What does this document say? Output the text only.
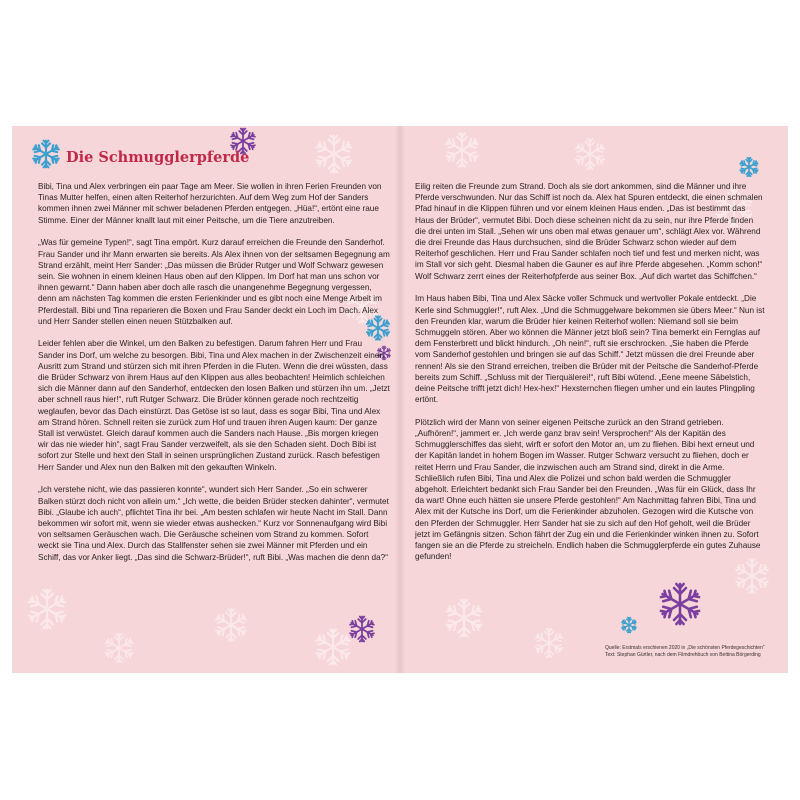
Die Schmugglerpferde

Bibi, Tina und Alex verbringen ein paar Tage am Meer. Sie wollen in ihren Ferien Freunden von Tinas Mutter helfen, einen alten Reiterhof herzurichten. Auf dem Weg zum Hof der Sanders kommen ihnen zwei Männer mit schwer beladenen Pferden entgegen. „Hüa!“, ertönt eine raue Stimme. Einer der Männer knallt laut mit einer Peitsche, um die Tiere anzutreiben.

„Was für gemeine Typen!“, sagt Tina empört. Kurz darauf erreichen die Freunde den Sanderhof. Frau Sander und ihr Mann erwarten sie bereits. Als Alex ihnen von der seltsamen Begegnung am Strand erzählt, meint Herr Sander: „Das müssen die Brüder Rutger und Wolf Schwarz gewesen sein. Sie wohnen in einem kleinen Haus oben auf den Klippen. Im Dorf hat man uns schon vor ihnen gewarnt.“ Dann haben aber doch alle rasch die unangenehme Begegnung vergessen, denn am nächsten Tag kommen die ersten Ferienkinder und es gibt noch eine Menge Arbeit im Pferdestall. Bibi und Tina reparieren die Boxen und Frau Sander deckt ein Loch im Dach. Alex und Herr Sander stellen einen neuen Stützbalken auf.

Leider fehlen aber die Winkel, um den Balken zu befestigen. Darum fahren Herr und Frau Sander ins Dorf, um welche zu besorgen. Bibi, Tina und Alex machen in der Zwischenzeit einen Ausritt zum Strand und stürzen sich mit ihren Pferden in die Fluten. Wenn die drei wüssten, dass die Brüder Schwarz von ihrem Haus auf den Klippen aus alles beobachten! Heimlich schleichen sich die Männer dann auf den Sanderhof, entdecken den losen Balken und stürzen ihn um. „Jetzt aber schnell raus hier!“, ruft Rutger Schwarz. Die Brüder können gerade noch rechtzeitig weglaufen, bevor das Dach einstürzt. Das Getöse ist so laut, dass es sogar Bibi, Tina und Alex am Strand hören. Schnell reiten sie zurück zum Hof und trauen ihren Augen kaum: Der ganze Stall ist verwüstet. Gleich darauf kommen auch die Sanders nach Hause. „Bis morgen kriegen wir das nie wieder hin“, sagt Frau Sander verzweifelt, als sie den Schaden sieht. Doch Bibi ist sofort zur Stelle und hext den Stall in seinen ursprünglichen Zustand zurück. Rasch befestigen Herr Sander und Alex nun den Balken mit den gekauften Winkeln.

„Ich verstehe nicht, wie das passieren konnte“, wundert sich Herr Sander. „So ein schwerer Balken stürzt doch nicht von allein um.“ „Ich wette, die beiden Brüder stecken dahinter“, vermutet Bibi. „Glaube ich auch“, pflichtet Tina ihr bei. „Am besten schlafen wir heute Nacht im Stall. Dann bekommen wir sofort mit, wenn sie wieder etwas aushecken.“ Kurz vor Sonnenaufgang wird Bibi von seltsamen Geräuschen wach. Die Geräusche scheinen vom Strand zu kommen. Sofort weckt sie Tina und Alex. Durch das Stallfenster sehen sie zwei Männer mit Pferden und ein Schiff, das vor Anker liegt. „Das sind die Schwarz-Brüder!“, ruft Bibi. „Was machen die denn da?“

Eilig reiten die Freunde zum Strand. Doch als sie dort ankommen, sind die Männer und ihre Pferde verschwunden. Nur das Schiff ist noch da. Alex hat Spuren entdeckt, die einen schmalen Pfad hinauf in die Klippen führen und vor einem kleinen Haus enden. „Das ist bestimmt das Haus der Brüder“, vermutet Bibi. Doch diese scheinen nicht da zu sein, nur ihre Pferde finden die drei unten im Stall. „Sehen wir uns oben mal etwas genauer um“, schlägt Alex vor. Während die drei Freunde das Haus durchsuchen, sind die Brüder Schwarz schon wieder auf dem Reiterhof geschlichen. Herr und Frau Sander schlafen noch tief und fest und merken nicht, was im Stall vor sich geht. Diesmal haben die Gauner es auf ihre Pferde abgesehen. „Komm schon!“ Wolf Schwarz zerrt eines der Reiterhofpferde aus seiner Box. „Auf dich wartet das Schiffchen.“

Im Haus haben Bibi, Tina und Alex Säcke voller Schmuck und wertvoller Pokale entdeckt. „Die Kerle sind Schmuggler!“, ruft Alex. „Und die Schmuggelware bekommen sie übers Meer.“ Nun ist den Freunden klar, warum die Brüder hier keinen Reiterhof wollen: Niemand soll sie beim Schmuggeln stören. Aber wo können die Männer jetzt bloß sein? Tina bemerkt ein Fernglas auf dem Fensterbrett und blickt hindurch. „Oh nein!“, ruft sie erschrocken. „Sie haben die Pferde vom Sanderhof gestohlen und bringen sie auf das Schiff.“ Jetzt müssen die drei Freunde aber rennen! Als sie den Strand erreichen, treiben die Brüder mit der Peitsche die Sanderhof-Pferde bereits zum Schiff. „Schluss mit der Tierquälerei!“, ruft Bibi wütend. „Eene meene Säbelstich, deine Peitsche trifft jetzt dich! Hex-hex!“ Hexsternchen fliegen umher und ein lautes Plingpling ertönt.

Plötzlich wird der Mann von seiner eigenen Peitsche zurück an den Strand getrieben. „Aufhören!“, jammert er. „Ich werde ganz brav sein! Versprochen!“ Als der Kapitän des Schmugglerschiffes das sieht, wirft er sofort den Motor an, um zu fliehen. Bibi hext erneut und der Kapitän landet in hohem Bogen im Wasser. Rutger Schwarz versucht zu fliehen, doch er reitet Herrn und Frau Sander, die inzwischen auch am Strand sind, direkt in die Arme. Schließlich rufen Bibi, Tina und Alex die Polizei und schon bald werden die Schmuggler abgeholt. Erleichtert bedankt sich Frau Sander bei den Freunden. „Was für ein Glück, dass Ihr da wart! Ohne euch hätten sie unsere Pferde gestohlen!“ Am Nachmittag fahren Bibi, Tina und Alex mit der Kutsche ins Dorf, um die Ferienkinder abzuholen. Gezogen wird die Kutsche von den Pferden der Schmuggler. Herr Sander hat sie zu sich auf den Hof geholt, weil die Brüder jetzt im Gefängnis sitzen. Schon fährt der Zug ein und die Ferienkinder winken ihnen zu. Sofort fangen sie an die Pferde zu streicheln. Endlich haben die Schmugglerpferde ein gutes Zuhause gefunden!

Quelle: Erstmals erschienen 2020 in „Die schönsten Pferdegeschichten“
Text: Stephan Gürtler, nach dem Filmdrehbuch von Bettina Börgerding
